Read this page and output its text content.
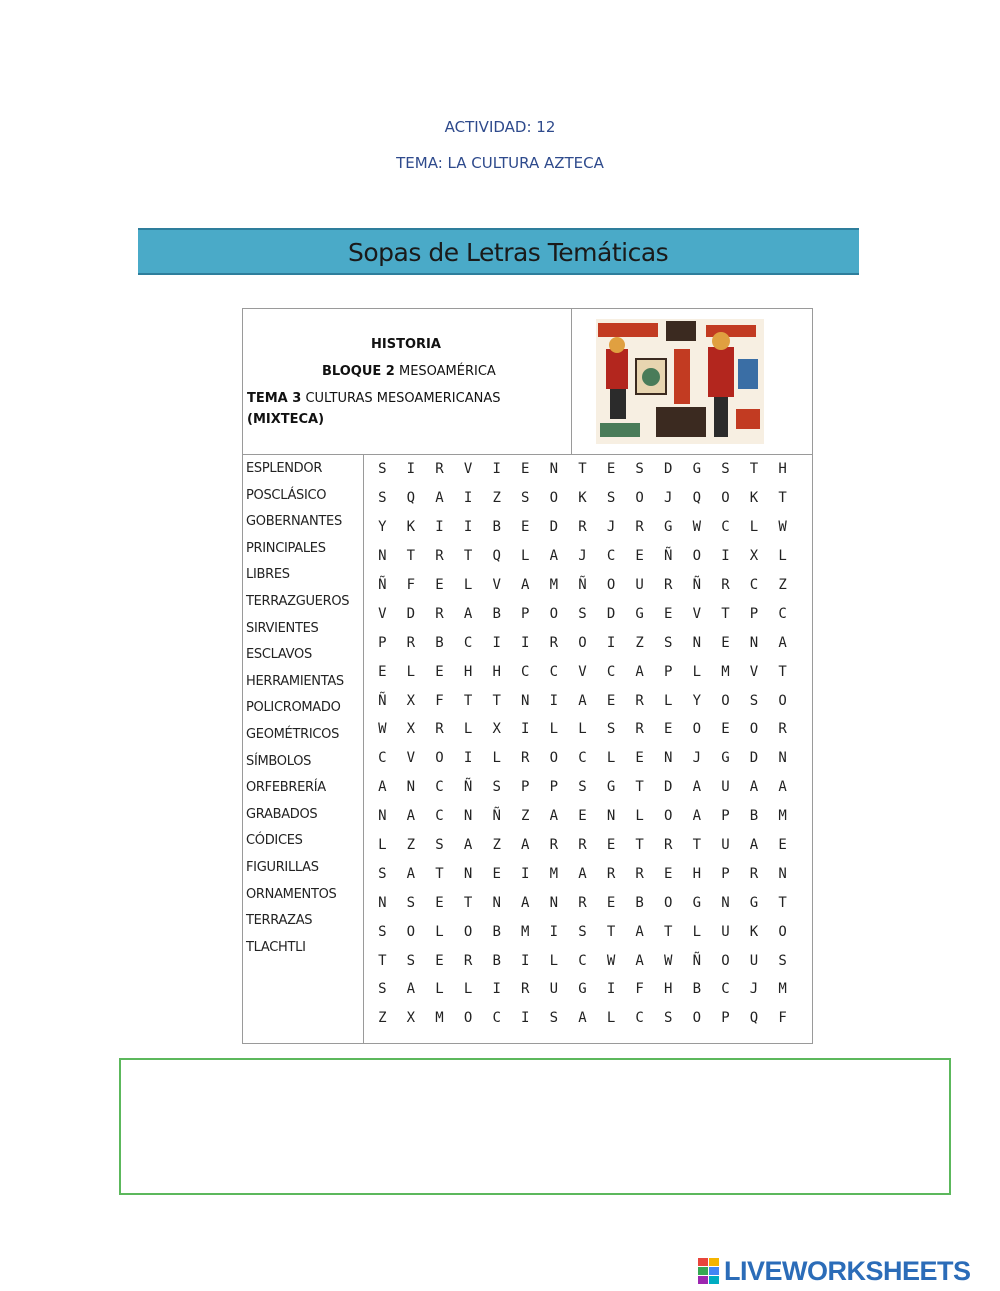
ACTIVIDAD: 12
TEMA: LA CULTURA AZTECA
Sopas de Letras Temáticas
HISTORIA
BLOQUE 2 MESOAMÉRICA
TEMA 3 CULTURAS MESOAMERICANAS
(MIXTECA)
ESPLENDOR
POSCLÁSICO
GOBERNANTES
PRINCIPALES
LIBRES
TERRAZGUEROS
SIRVIENTES
ESCLAVOS
HERRAMIENTAS
POLICROMADO
GEOMÉTRICOS
SÍMBOLOS
ORFEBRERÍA
GRABADOS
CÓDICES
FIGURILLAS
ORNAMENTOS
TERRAZAS
TLACHTLI
S	I	R	V	I	E	N	T	E	S	D	G	S	T	H
S	Q	A	I	Z	S	O	K	S	O	J	Q	O	K	T
Y	K	I	I	B	E	D	R	J	R	G	W	C	L	W
N	T	R	T	Q	L	A	J	C	E	Ñ	O	I	X	L
Ñ	F	E	L	V	A	M	Ñ	O	U	R	Ñ	R	C	Z
V	D	R	A	B	P	O	S	D	G	E	V	T	P	C
P	R	B	C	I	I	R	O	I	Z	S	N	E	N	A
E	L	E	H	H	C	C	V	C	A	P	L	M	V	T
Ñ	X	F	T	T	N	I	A	E	R	L	Y	O	S	O
W	X	R	L	X	I	L	L	S	R	E	O	E	O	R
C	V	O	I	L	R	O	C	L	E	N	J	G	D	N
A	N	C	Ñ	S	P	P	S	G	T	D	A	U	A	A
N	A	C	N	Ñ	Z	A	E	N	L	O	A	P	B	M
L	Z	S	A	Z	A	R	R	E	T	R	T	U	A	E
S	A	T	N	E	I	M	A	R	R	E	H	P	R	N
N	S	E	T	N	A	N	R	E	B	O	G	N	G	T
S	O	L	O	B	M	I	S	T	A	T	L	U	K	O
T	S	E	R	B	I	L	C	W	A	W	Ñ	O	U	S
S	A	L	L	I	R	U	G	I	F	H	B	C	J	M
Z	X	M	O	C	I	S	A	L	C	S	O	P	Q	F
LIVEWORKSHEETS
